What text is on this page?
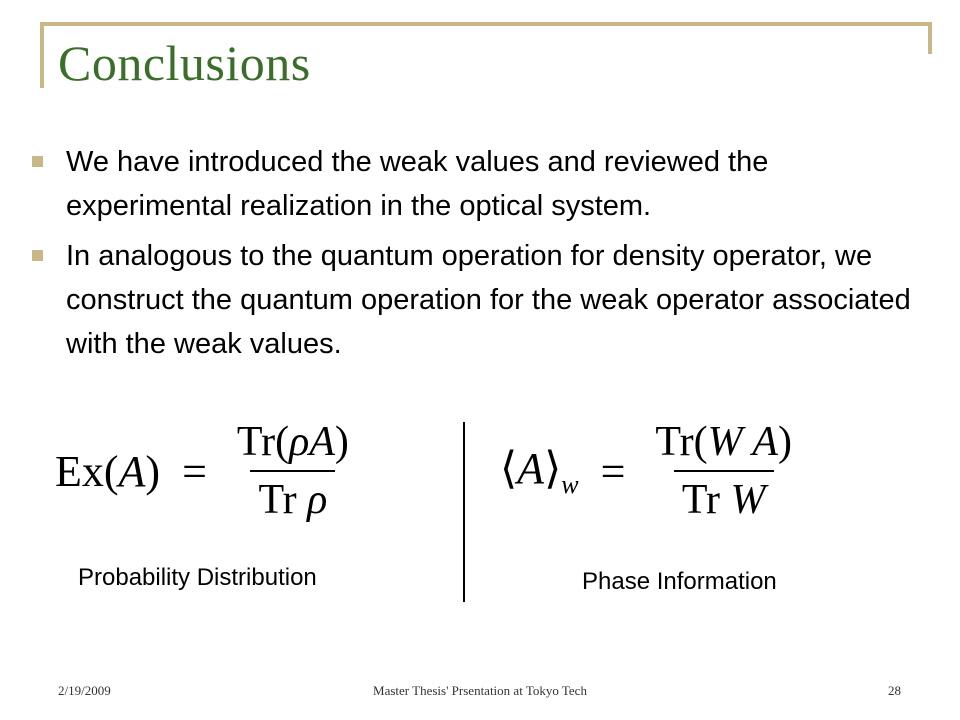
Conclusions
We have introduced the weak values and reviewed the experimental realization in the optical system.
In analogous to the quantum operation for density operator, we construct the quantum operation for the weak operator associated with the weak values.
$Ex(A) = \frac{Tr(\rho A)}{\text{Tr ρ}}$	$⟨A⟩_w = \frac{\text{Tr(W A)}}{\text{Tr W}}$
Probability Distribution	Phase Information
2/19/2009	Master Thesis' Prsentation at Tokyo Tech	28
